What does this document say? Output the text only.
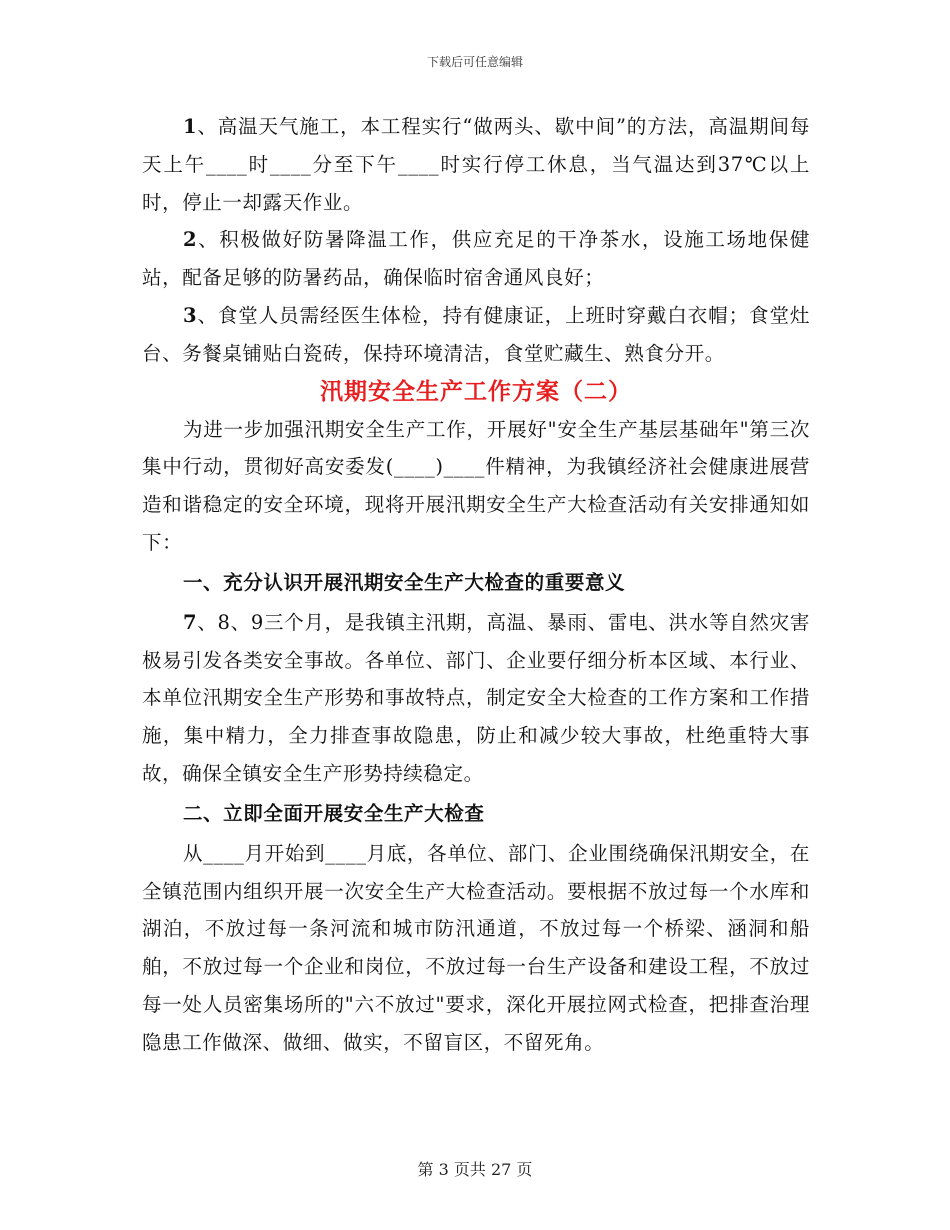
下载后可任意编辑

1、高温天气施工，本工程实行“做两头、歇中间”的方法，高温期间每天上午____时____分至下午____时实行停工休息，当气温达到37℃以上时，停止一却露天作业。

2、积极做好防暑降温工作，供应充足的干净茶水，设施工场地保健站，配备足够的防暑药品，确保临时宿舍通风良好；

3、食堂人员需经医生体检，持有健康证，上班时穿戴白衣帽；食堂灶台、务餐桌铺贴白瓷砖，保持环境清洁，食堂贮藏生、熟食分开。

汛期安全生产工作方案（二）

为进一步加强汛期安全生产工作，开展好"安全生产基层基础年"第三次集中行动，贯彻好高安委发(____)____件精神，为我镇经济社会健康进展营造和谐稳定的安全环境，现将开展汛期安全生产大检查活动有关安排通知如下：

一、充分认识开展汛期安全生产大检查的重要意义

7、8、9三个月，是我镇主汛期，高温、暴雨、雷电、洪水等自然灾害极易引发各类安全事故。各单位、部门、企业要仔细分析本区域、本行业、本单位汛期安全生产形势和事故特点，制定安全大检查的工作方案和工作措施，集中精力，全力排查事故隐患，防止和减少较大事故，杜绝重特大事故，确保全镇安全生产形势持续稳定。

二、立即全面开展安全生产大检查

从____月开始到____月底，各单位、部门、企业围绕确保汛期安全，在全镇范围内组织开展一次安全生产大检查活动。要根据不放过每一个水库和湖泊，不放过每一条河流和城市防汛通道，不放过每一个桥梁、涵洞和船舶，不放过每一个企业和岗位，不放过每一台生产设备和建设工程，不放过每一处人员密集场所的"六不放过"要求，深化开展拉网式检查，把排查治理隐患工作做深、做细、做实，不留盲区，不留死角。

第 3 页共 27 页
